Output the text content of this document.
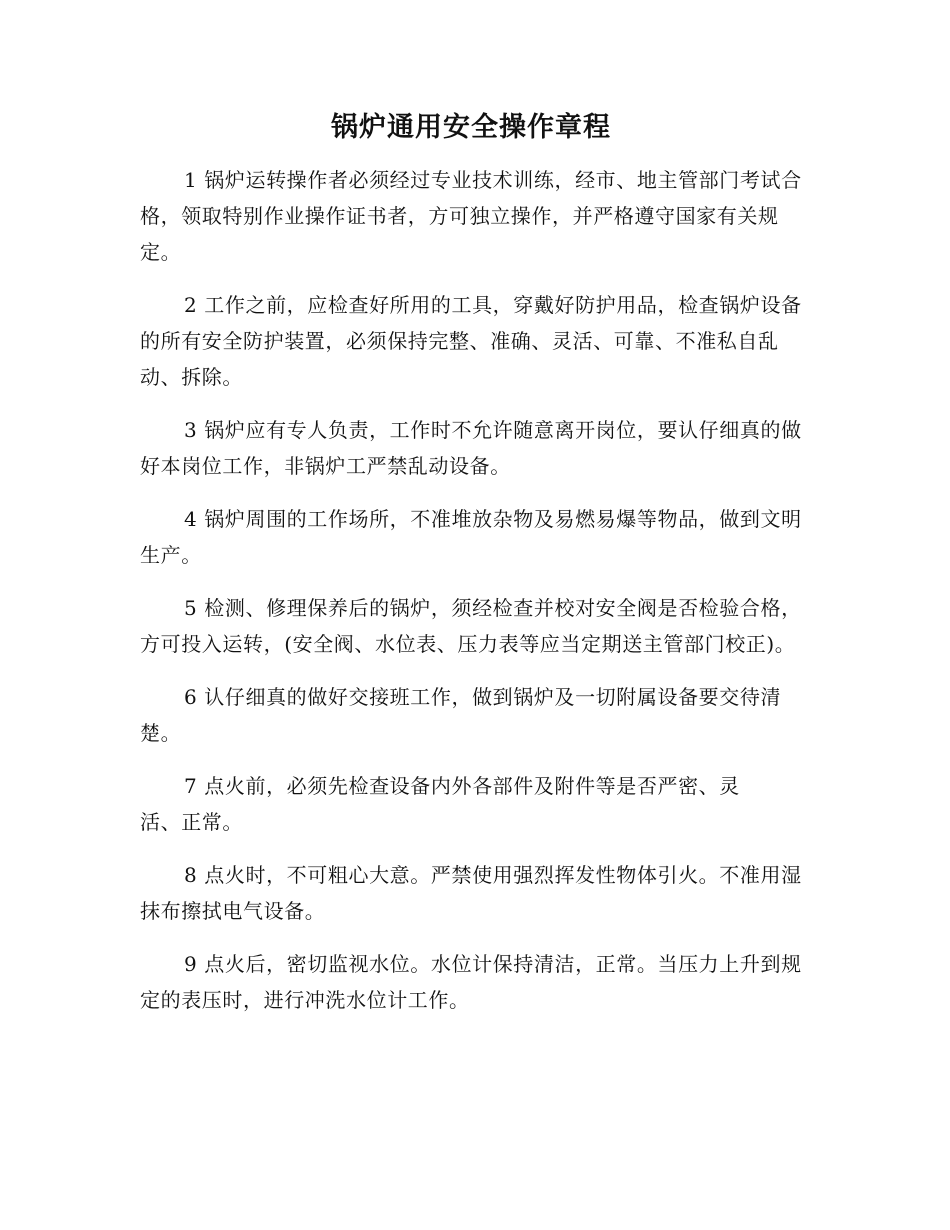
锅炉通用安全操作章程

1 锅炉运转操作者必须经过专业技术训练，经市、地主管部门考试合格，领取特别作业操作证书者，方可独立操作，并严格遵守国家有关规定。

2 工作之前，应检查好所用的工具，穿戴好防护用品，检查锅炉设备的所有安全防护装置，必须保持完整、准确、灵活、可靠、不准私自乱动、拆除。

3 锅炉应有专人负责，工作时不允许随意离开岗位，要认仔细真的做好本岗位工作，非锅炉工严禁乱动设备。

4 锅炉周围的工作场所，不准堆放杂物及易燃易爆等物品，做到文明生产。

5 检测、修理保养后的锅炉，须经检查并校对安全阀是否检验合格，方可投入运转，(安全阀、水位表、压力表等应当定期送主管部门校正)。

6 认仔细真的做好交接班工作，做到锅炉及一切附属设备要交待清楚。

7 点火前，必须先检查设备内外各部件及附件等是否严密、灵
活、正常。

8 点火时，不可粗心大意。严禁使用强烈挥发性物体引火。不准用湿抹布擦拭电气设备。

9 点火后，密切监视水位。水位计保持清洁，正常。当压力上升到规定的表压时，进行冲洗水位计工作。
